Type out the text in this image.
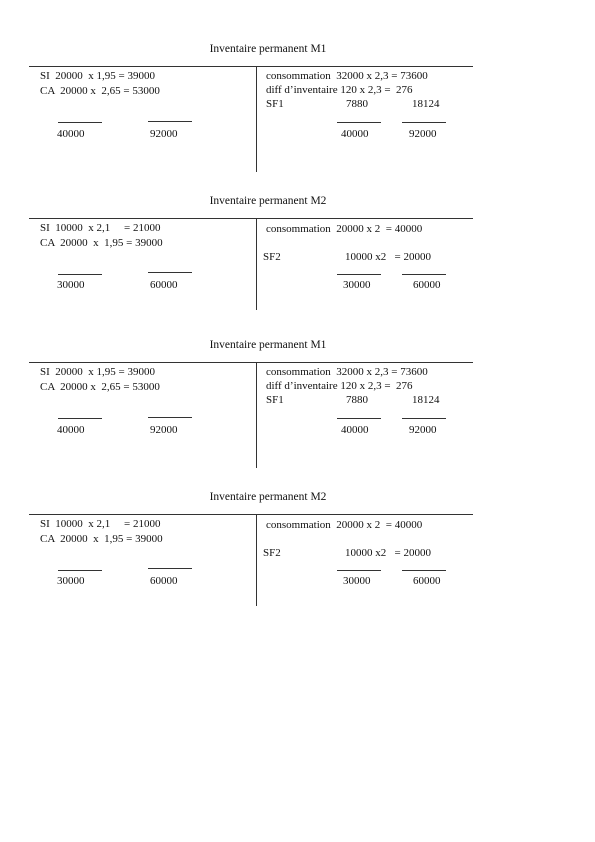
Inventaire permanent M1
SI  20000  x 1,95 = 39000
CA  20000 x  2,65 = 53000
40000	92000
consommation  32000 x 2,3 = 73600
diff d’inventaire 120 x 2,3 =  276
SF1	7880	18124
40000	92000
Inventaire permanent M2
SI  10000  x 2,1     = 21000
CA  20000  x  1,95 = 39000
30000	60000
consommation  20000 x 2  = 40000
SF2	10000 x2   = 20000
30000	60000
Inventaire permanent M1
SI  20000  x 1,95 = 39000
CA  20000 x  2,65 = 53000
40000	92000
consommation  32000 x 2,3 = 73600
diff d’inventaire 120 x 2,3 =  276
SF1	7880	18124
40000	92000
Inventaire permanent M2
SI  10000  x 2,1     = 21000
CA  20000  x  1,95 = 39000
30000	60000
consommation  20000 x 2  = 40000
SF2	10000 x2   = 20000
30000	60000
